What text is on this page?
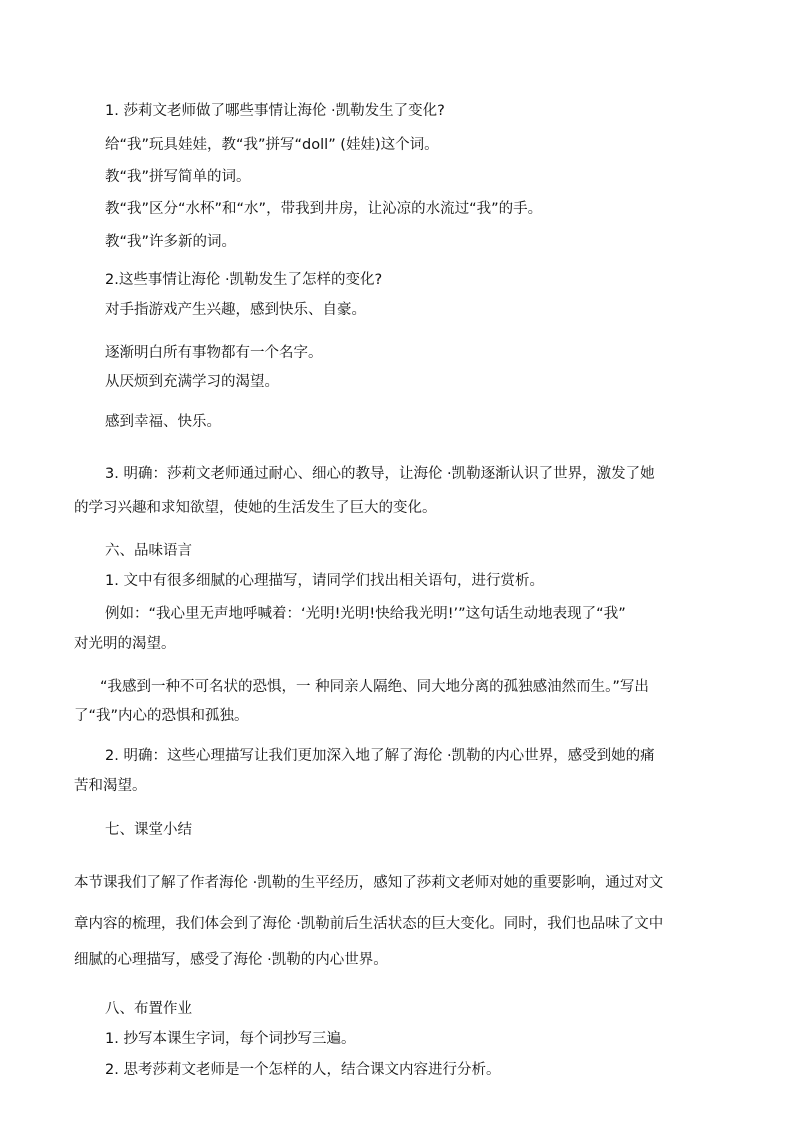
1. 莎莉文老师做了哪些事情让海伦 ·凯勒发生了变化?
给“我”玩具娃娃，教“我”拼写“doll” (娃娃)这个词。
教“我”拼写简单的词。
教“我”区分“水杯”和“水”，带我到井房，让沁凉的水流过“我”的手。
教“我”许多新的词。
2.这些事情让海伦 ·凯勒发生了怎样的变化?
对手指游戏产生兴趣，感到快乐、自豪。
逐渐明白所有事物都有一个名字。
从厌烦到充满学习的渴望。
感到幸福、快乐。
3. 明确：莎莉文老师通过耐心、细心的教导，让海伦 ·凯勒逐渐认识了世界，激发了她
的学习兴趣和求知欲望，使她的生活发生了巨大的变化。
六、品味语言
1. 文中有很多细腻的心理描写，请同学们找出相关语句，进行赏析。
例如：“我心里无声地呼喊着：‘光明!光明!快给我光明!’”这句话生动地表现了“我”
对光明的渴望。
“我感到一种不可名状的恐惧，一 种同亲人隔绝、同大地分离的孤独感油然而生。”写出
了“我”内心的恐惧和孤独。
2. 明确：这些心理描写让我们更加深入地了解了海伦 ·凯勒的内心世界，感受到她的痛
苦和渴望。
七、课堂小结
本节课我们了解了作者海伦 ·凯勒的生平经历，感知了莎莉文老师对她的重要影响，通过对文
章内容的梳理，我们体会到了海伦 ·凯勒前后生活状态的巨大变化。同时，我们也品味了文中
细腻的心理描写，感受了海伦 ·凯勒的内心世界。
八、布置作业
1. 抄写本课生字词，每个词抄写三遍。
2. 思考莎莉文老师是一个怎样的人，结合课文内容进行分析。
